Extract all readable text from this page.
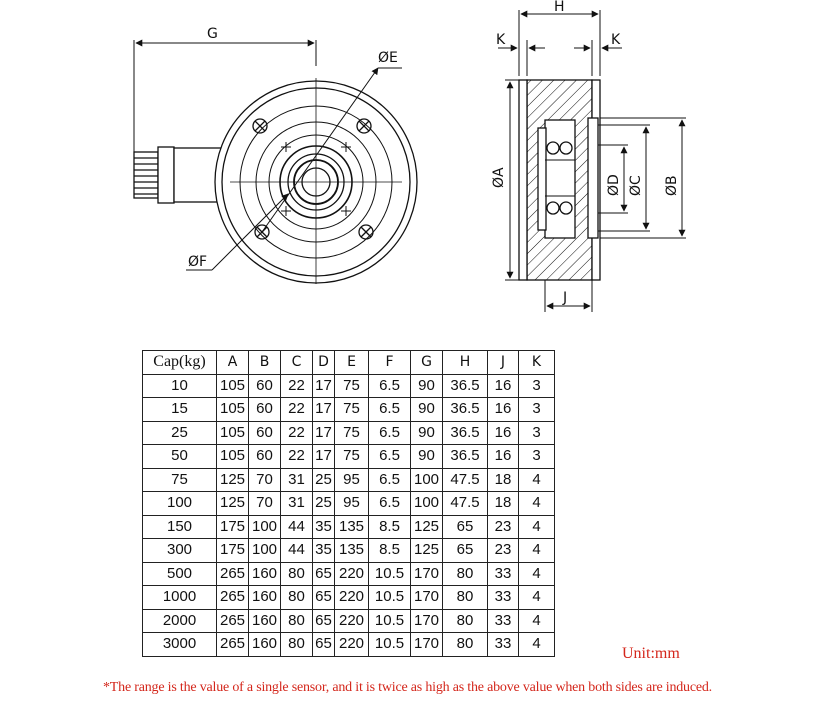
G
ØE
ØF
H
K	K
ØA	ØD ØC ØB
J
Cap(kg)	A	B	C	D	E	F	G	H	J	K
10	105	60	22	17	75	6.5	90	36.5	16	3
15	105	60	22	17	75	6.5	90	36.5	16	3
25	105	60	22	17	75	6.5	90	36.5	16	3
50	105	60	22	17	75	6.5	90	36.5	16	3
75	125	70	31	25	95	6.5	100	47.5	18	4
100	125	70	31	25	95	6.5	100	47.5	18	4
150	175	100	44	35	135	8.5	125	65	23	4
300	175	100	44	35	135	8.5	125	65	23	4
500	265	160	80	65	220	10.5	170	80	33	4
1000	265	160	80	65	220	10.5	170	80	33	4
2000	265	160	80	65	220	10.5	170	80	33	4
3000	265	160	80	65	220	10.5	170	80	33	4
Unit:mm
*The range is the value of a single sensor, and it is twice as high as the above value when both sides are induced.
